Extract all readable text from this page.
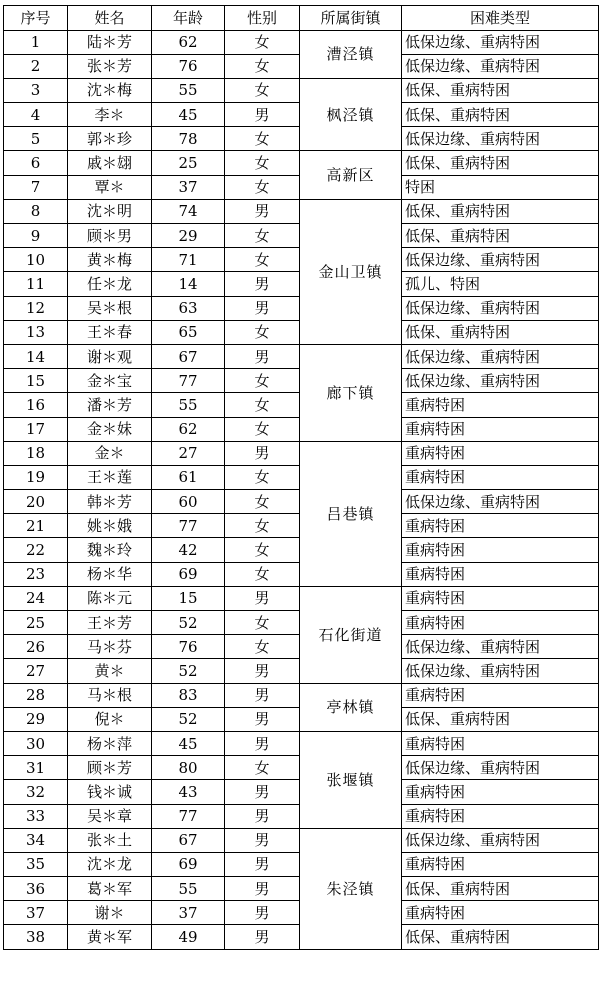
序号	姓名	年龄	性别	所属街镇	困难类型
1	陆＊芳	62	女	漕泾镇	低保边缘、重病特困
2	张＊芳	76	女		低保边缘、重病特困
3	沈＊梅	55	女	枫泾镇	低保、重病特困
4	李＊	45	男		低保、重病特困
5	郭＊珍	78	女		低保边缘、重病特困
6	戚＊翃	25	女	高新区	低保、重病特困
7	覃＊	37	女		特困
8	沈＊明	74	男	金山卫镇	低保、重病特困
9	顾＊男	29	女		低保、重病特困
10	黄＊梅	71	女		低保边缘、重病特困
11	任＊龙	14	男		孤儿、特困
12	吴＊根	63	男		低保边缘、重病特困
13	王＊春	65	女		低保、重病特困
14	谢＊观	67	男	廊下镇	低保边缘、重病特困
15	金＊宝	77	女		低保边缘、重病特困
16	潘＊芳	55	女		重病特困
17	金＊妹	62	女		重病特困
18	金＊	27	男	吕巷镇	重病特困
19	王＊莲	61	女		重病特困
20	韩＊芳	60	女		低保边缘、重病特困
21	姚＊娥	77	女		重病特困
22	魏＊玲	42	女		重病特困
23	杨＊华	69	女		重病特困
24	陈＊元	15	男	石化街道	重病特困
25	王＊芳	52	女		重病特困
26	马＊芬	76	女		低保边缘、重病特困
27	黄＊	52	男		低保边缘、重病特困
28	马＊根	83	男	亭林镇	重病特困
29	倪＊	52	男		低保、重病特困
30	杨＊萍	45	男	张堰镇	重病特困
31	顾＊芳	80	女		低保边缘、重病特困
32	钱＊诚	43	男		重病特困
33	吴＊章	77	男		重病特困
34	张＊土	67	男	朱泾镇	低保边缘、重病特困
35	沈＊龙	69	男		重病特困
36	葛＊军	55	男		低保、重病特困
37	谢＊	37	男		重病特困
38	黄＊军	49	男		低保、重病特困
